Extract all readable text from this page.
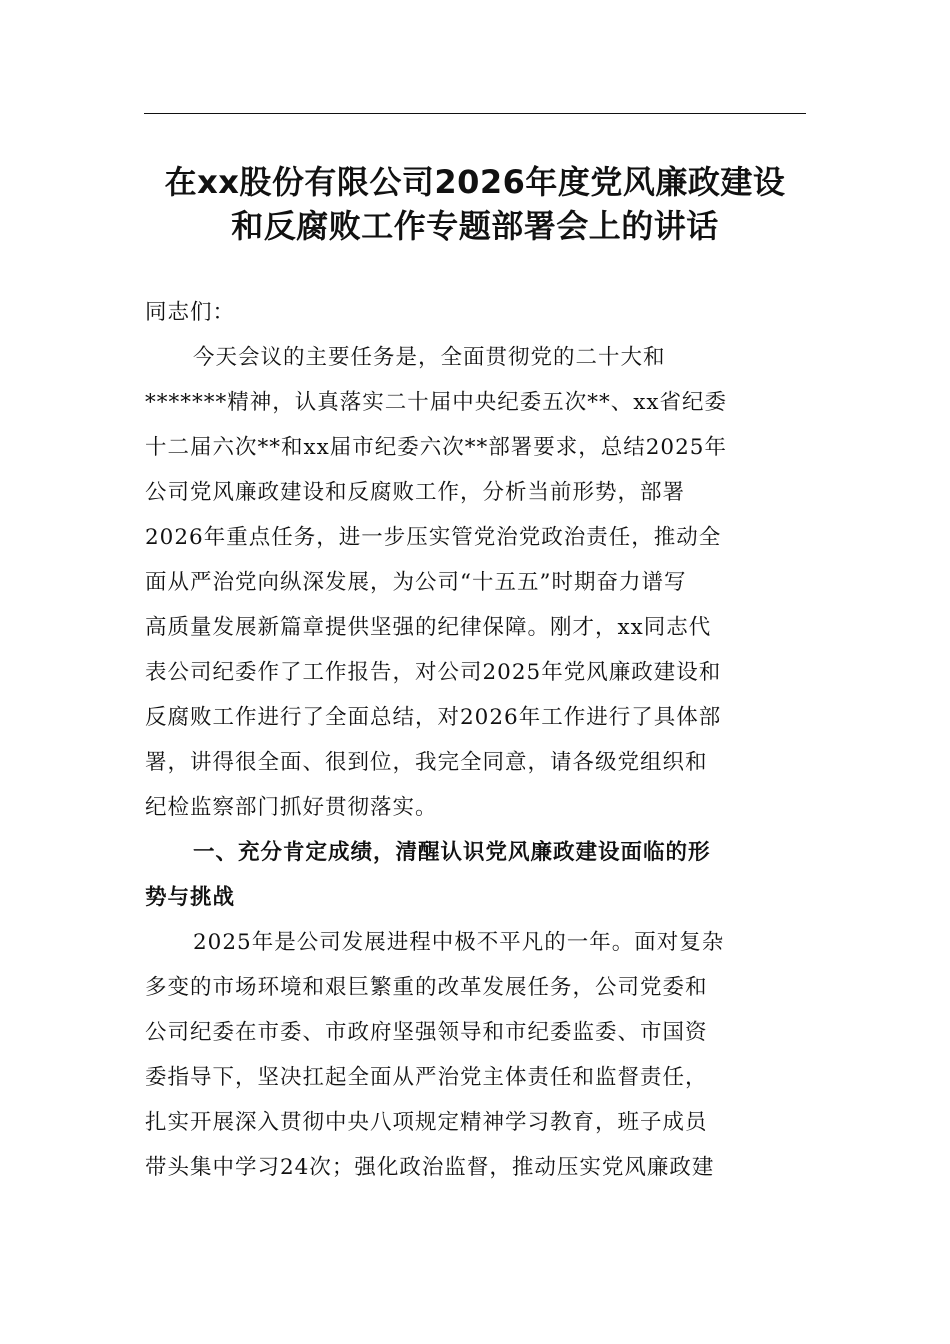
在xx股份有限公司2026年度党风廉政建设
和反腐败工作专题部署会上的讲话
同志们：
今天会议的主要任务是，全面贯彻党的二十大和
*******精神，认真落实二十届中央纪委五次**、xx省纪委
十二届六次**和xx届市纪委六次**部署要求，总结2025年
公司党风廉政建设和反腐败工作，分析当前形势，部署
2026年重点任务，进一步压实管党治党政治责任，推动全
面从严治党向纵深发展，为公司“十五五”时期奋力谱写
高质量发展新篇章提供坚强的纪律保障。刚才，xx同志代
表公司纪委作了工作报告，对公司2025年党风廉政建设和
反腐败工作进行了全面总结，对2026年工作进行了具体部
署，讲得很全面、很到位，我完全同意，请各级党组织和
纪检监察部门抓好贯彻落实。
一、充分肯定成绩，清醒认识党风廉政建设面临的形
势与挑战
2025年是公司发展进程中极不平凡的一年。面对复杂
多变的市场环境和艰巨繁重的改革发展任务，公司党委和
公司纪委在市委、市政府坚强领导和市纪委监委、市国资
委指导下，坚决扛起全面从严治党主体责任和监督责任，
扎实开展深入贯彻中央八项规定精神学习教育，班子成员
带头集中学习24次；强化政治监督，推动压实党风廉政建
